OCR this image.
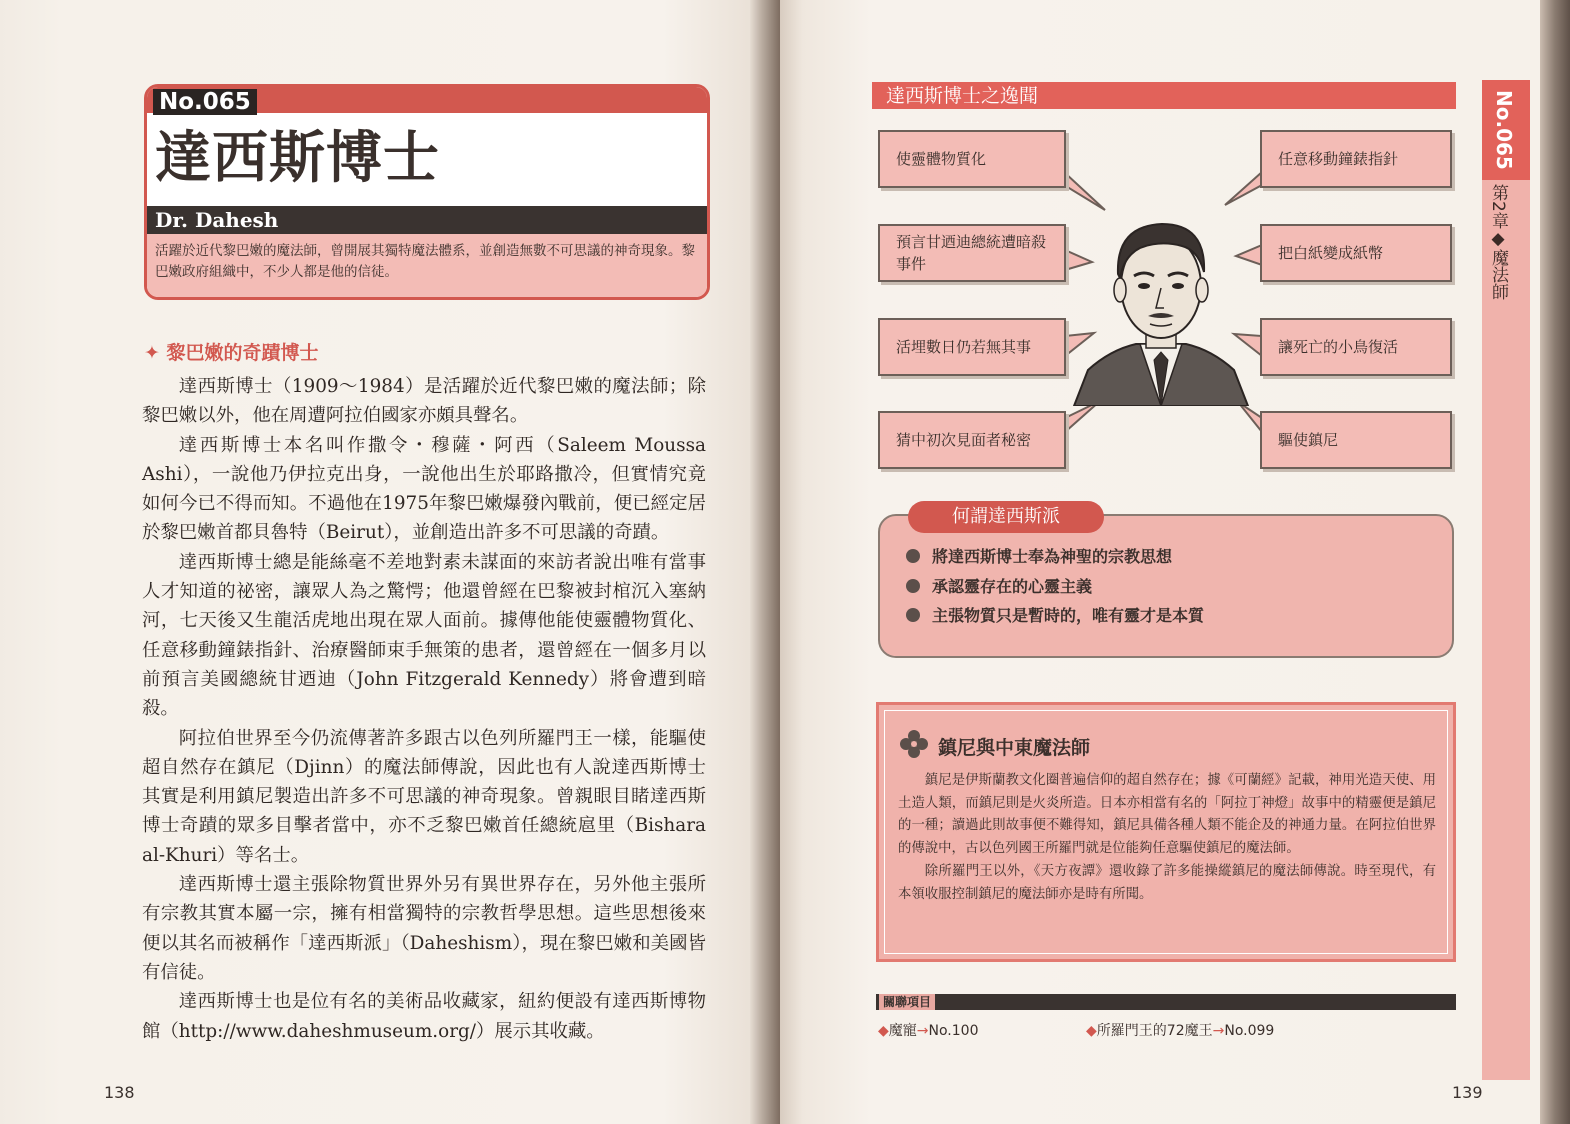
No.065
達西斯博士
Dr. Dahesh
活躍於近代黎巴嫩的魔法師，曾開展其獨特魔法體系，並創造無數不可思議的神奇現象。黎巴嫩政府組織中，不少人都是他的信徒。
✦ 黎巴嫩的奇蹟博士

達西斯博士（1909～1984）是活躍於近代黎巴嫩的魔法師；除黎巴嫩以外，他在周遭阿拉伯國家亦頗具聲名。

達西斯博士本名叫作撒令・穆薩・阿西（Saleem Moussa Ashi），一說他乃伊拉克出身，一說他出生於耶路撒冷，但實情究竟如何今已不得而知。不過他在1975年黎巴嫩爆發內戰前，便已經定居於黎巴嫩首都貝魯特（Beirut），並創造出許多不可思議的奇蹟。

達西斯博士總是能絲毫不差地對素未謀面的來訪者說出唯有當事人才知道的祕密，讓眾人為之驚愕；他還曾經在巴黎被封棺沉入塞納河，七天後又生龍活虎地出現在眾人面前。據傳他能使靈體物質化、任意移動鐘錶指針、治療醫師束手無策的患者，還曾經在一個多月以前預言美國總統甘迺迪（John Fitzgerald Kennedy）將會遭到暗殺。

阿拉伯世界至今仍流傳著許多跟古以色列所羅門王一樣，能驅使超自然存在鎮尼（Djinn）的魔法師傳說，因此也有人說達西斯博士其實是利用鎮尼製造出許多不可思議的神奇現象。曾親眼目睹達西斯博士奇蹟的眾多目擊者當中，亦不乏黎巴嫩首任總統扈里（Bishara al-Khuri）等名士。

達西斯博士還主張除物質世界外另有異世界存在，另外他主張所有宗教其實本屬一宗，擁有相當獨特的宗教哲學思想。這些思想後來便以其名而被稱作「達西斯派」（Daheshism），現在黎巴嫩和美國皆有信徒。

達西斯博士也是位有名的美術品收藏家，紐約便設有達西斯博物館（http://www.daheshmuseum.org/）展示其收藏。

138
No.065
第2章◆魔法師
達西斯博士之逸聞
使靈體物質化
預言甘迺迪總統遭暗殺事件
活埋數日仍若無其事
猜中初次見面者秘密
任意移動鐘錶指針
把白紙變成紙幣
讓死亡的小鳥復活
驅使鎮尼
何謂達西斯派
將達西斯博士奉為神聖的宗教思想
承認靈存在的心靈主義
主張物質只是暫時的，唯有靈才是本質
鎮尼與中東魔法師

鎮尼是伊斯蘭教文化圈普遍信仰的超自然存在；據《可蘭經》記載，神用光造天使、用土造人類，而鎮尼則是火炎所造。日本亦相當有名的「阿拉丁神燈」故事中的精靈便是鎮尼的一種；讀過此則故事便不難得知，鎮尼具備各種人類不能企及的神通力量。在阿拉伯世界的傳說中，古以色列國王所羅門就是位能夠任意驅使鎮尼的魔法師。

除所羅門王以外，《天方夜譚》還收錄了許多能操縱鎮尼的魔法師傳說。時至現代，有本領收服控制鎮尼的魔法師亦是時有所聞。

關聯項目
◆魔寵→No.100	◆所羅門王的72魔王→No.099
139
